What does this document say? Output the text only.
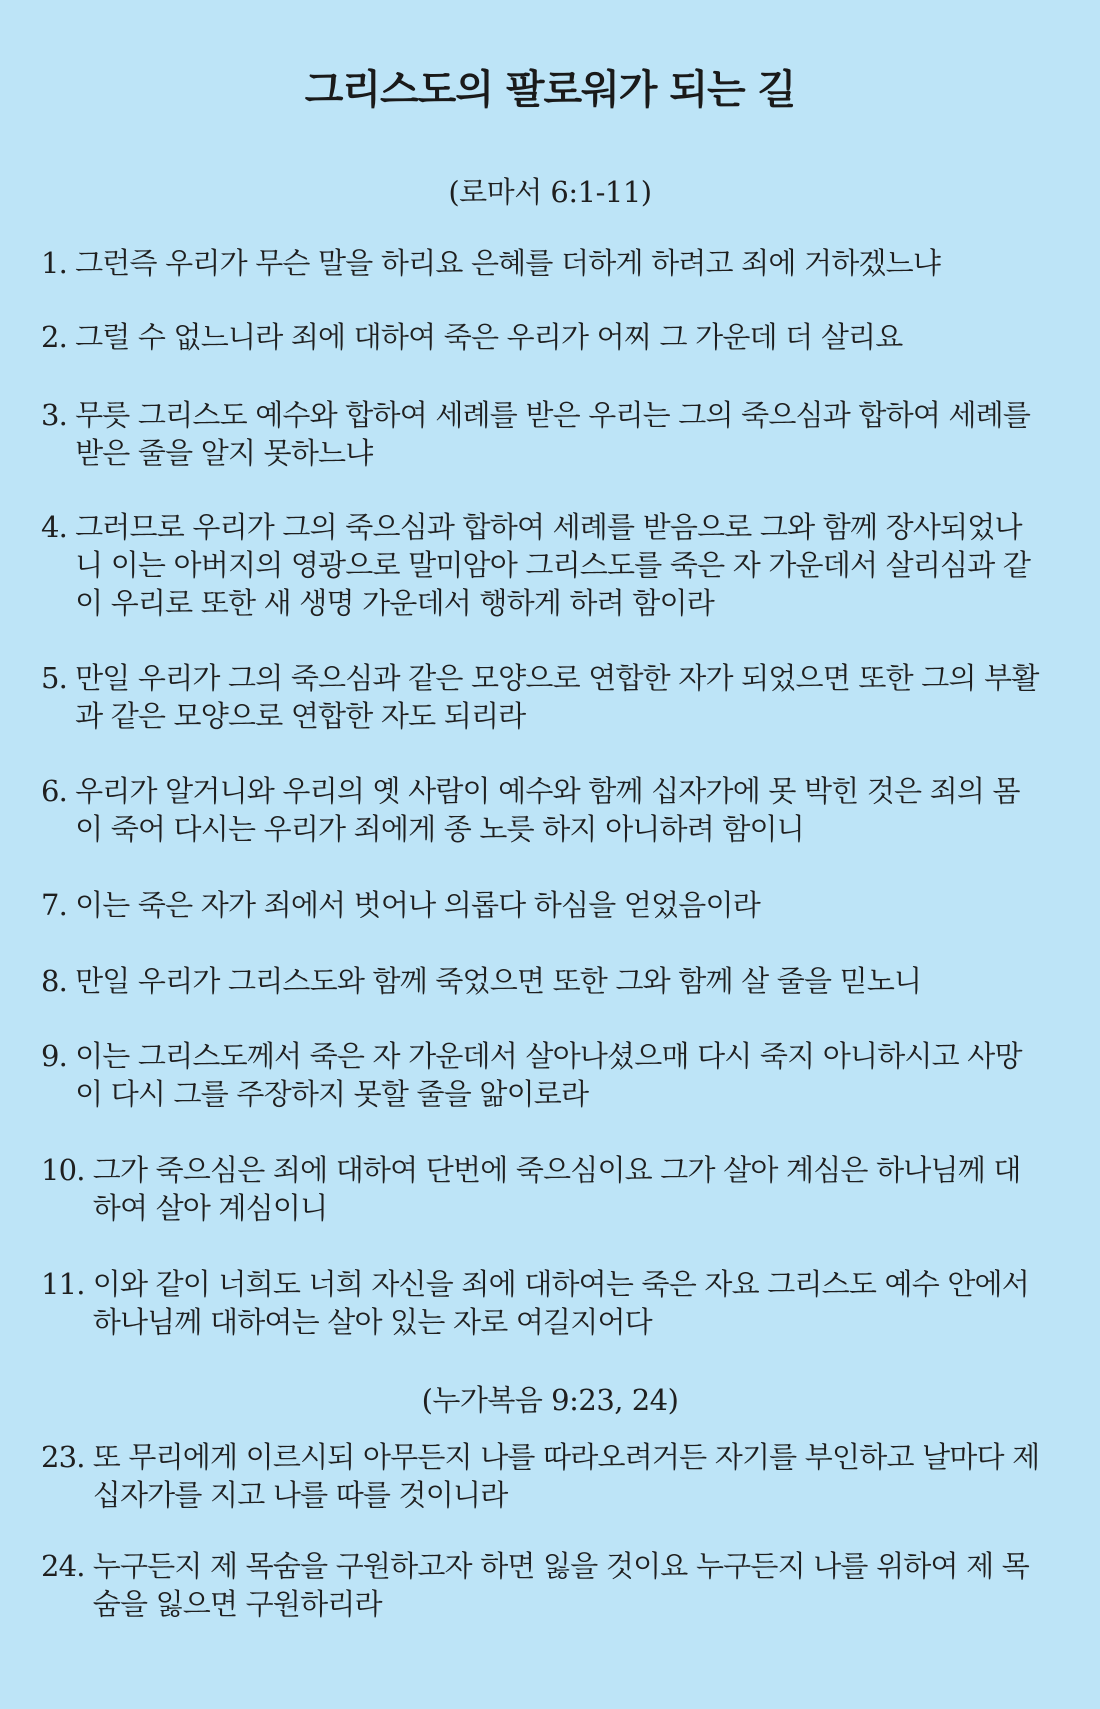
그리스도의 팔로워가 되는 길
(로마서 6:1-11)
1. 그런즉 우리가 무슨 말을 하리요 은혜를 더하게 하려고 죄에 거하겠느냐
2. 그럴 수 없느니라 죄에 대하여 죽은 우리가 어찌 그 가운데 더 살리요
3. 무릇 그리스도 예수와 합하여 세례를 받은 우리는 그의 죽으심과 합하여 세례를 받은 줄을 알지 못하느냐
4. 그러므로 우리가 그의 죽으심과 합하여 세례를 받음으로 그와 함께 장사되었나니 이는 아버지의 영광으로 말미암아 그리스도를 죽은 자 가운데서 살리심과 같이 우리로 또한 새 생명 가운데서 행하게 하려 함이라
5. 만일 우리가 그의 죽으심과 같은 모양으로 연합한 자가 되었으면 또한 그의 부활과 같은 모양으로 연합한 자도 되리라
6. 우리가 알거니와 우리의 옛 사람이 예수와 함께 십자가에 못 박힌 것은 죄의 몸이 죽어 다시는 우리가 죄에게 종 노릇 하지 아니하려 함이니
7. 이는 죽은 자가 죄에서 벗어나 의롭다 하심을 얻었음이라
8. 만일 우리가 그리스도와 함께 죽었으면 또한 그와 함께 살 줄을 믿노니
9. 이는 그리스도께서 죽은 자 가운데서 살아나셨으매 다시 죽지 아니하시고 사망이 다시 그를 주장하지 못할 줄을 앎이로라
10. 그가 죽으심은 죄에 대하여 단번에 죽으심이요 그가 살아 계심은 하나님께 대하여 살아 계심이니
11. 이와 같이 너희도 너희 자신을 죄에 대하여는 죽은 자요 그리스도 예수 안에서 하나님께 대하여는 살아 있는 자로 여길지어다
(누가복음 9:23, 24)
23. 또 무리에게 이르시되 아무든지 나를 따라오려거든 자기를 부인하고 날마다 제 십자가를 지고 나를 따를 것이니라
24. 누구든지 제 목숨을 구원하고자 하면 잃을 것이요 누구든지 나를 위하여 제 목숨을 잃으면 구원하리라
